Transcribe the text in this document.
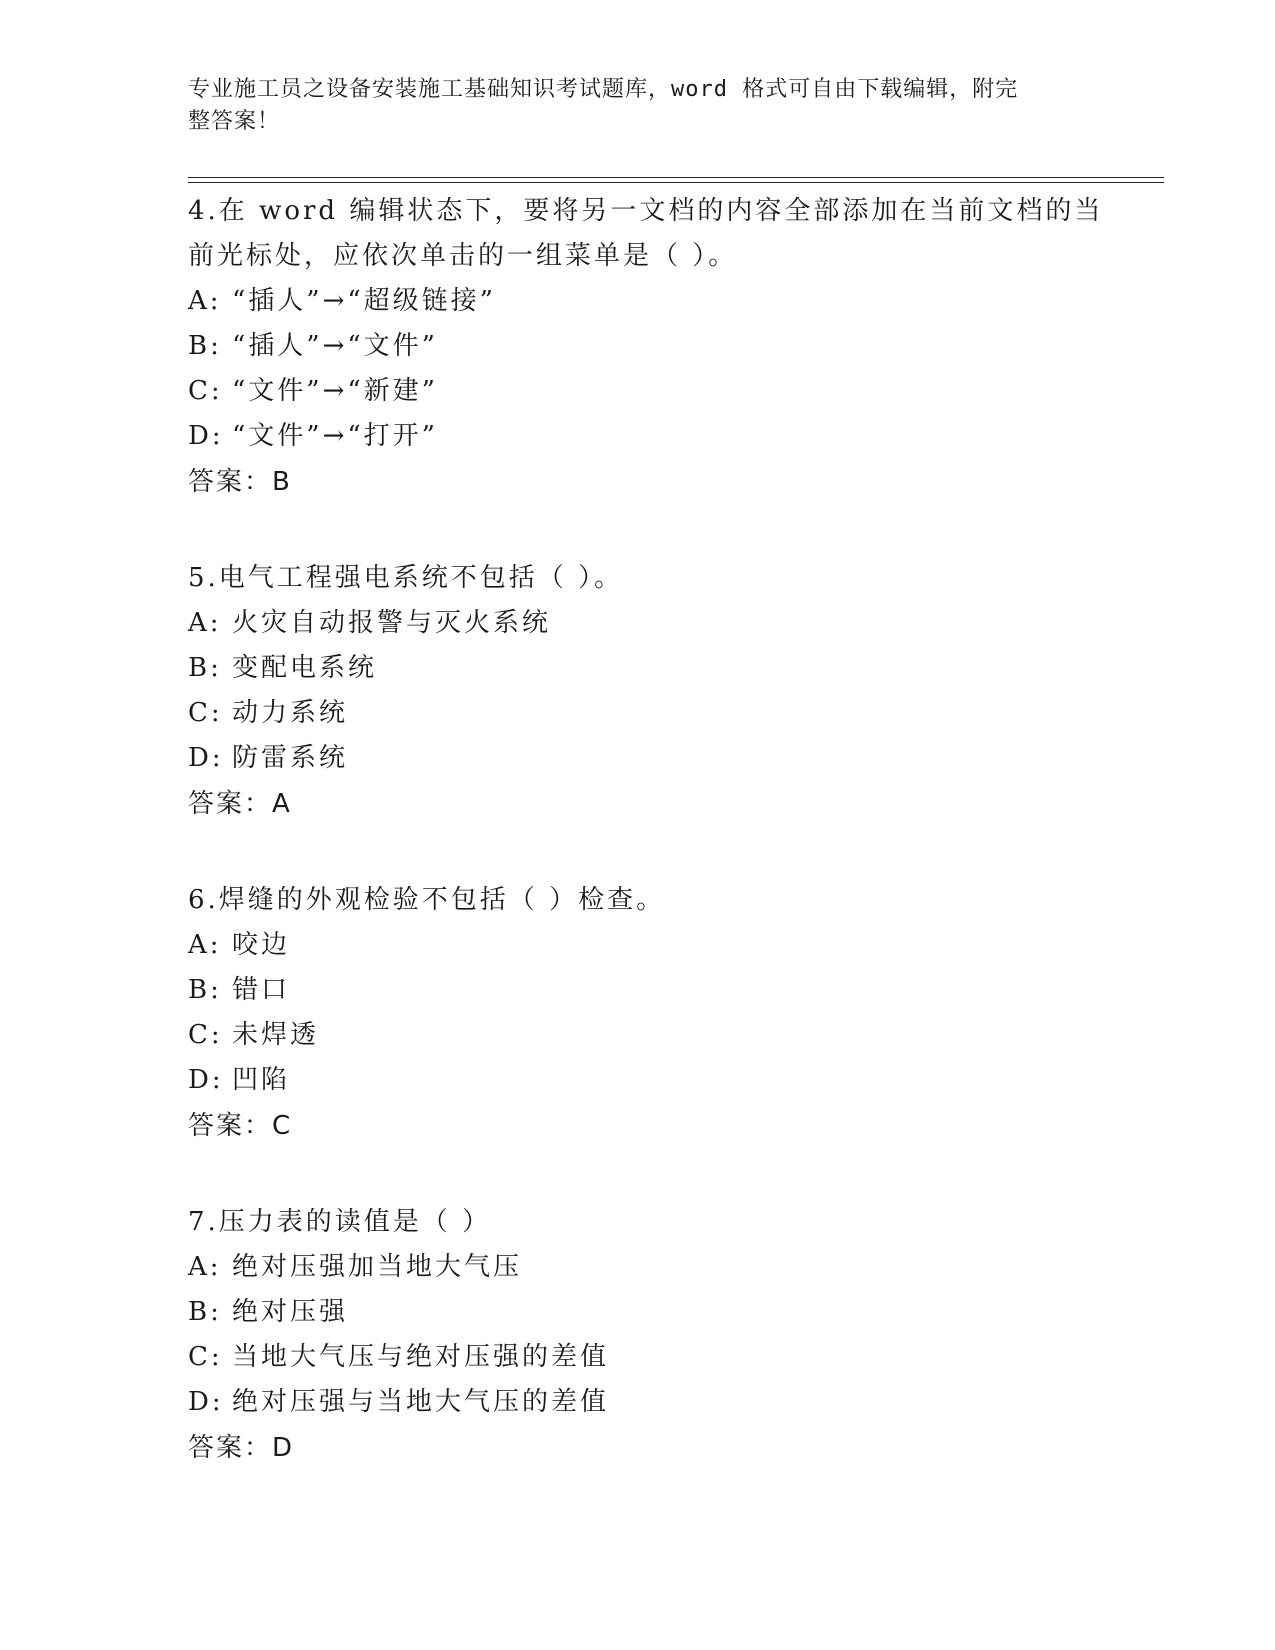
专业施工员之设备安装施工基础知识考试题库，word 格式可自由下载编辑，附完
整答案！
4.在 word 编辑状态下，要将另一文档的内容全部添加在当前文档的当
前光标处，应依次单击的一组菜单是（ ）。
A: “插人”→“超级链接”
B: “插人”→“文件”
C: “文件”→“新建”
D: “文件”→“打开”
答案：B
5.电气工程强电系统不包括（ ）。
A: 火灾自动报警与灭火系统
B: 变配电系统
C: 动力系统
D: 防雷系统
答案：A
6.焊缝的外观检验不包括（ ）检查。
A: 咬边
B: 错口
C: 未焊透
D: 凹陷
答案：C
7.压力表的读值是（ ）
A: 绝对压强加当地大气压
B: 绝对压强
C: 当地大气压与绝对压强的差值
D: 绝对压强与当地大气压的差值
答案：D
